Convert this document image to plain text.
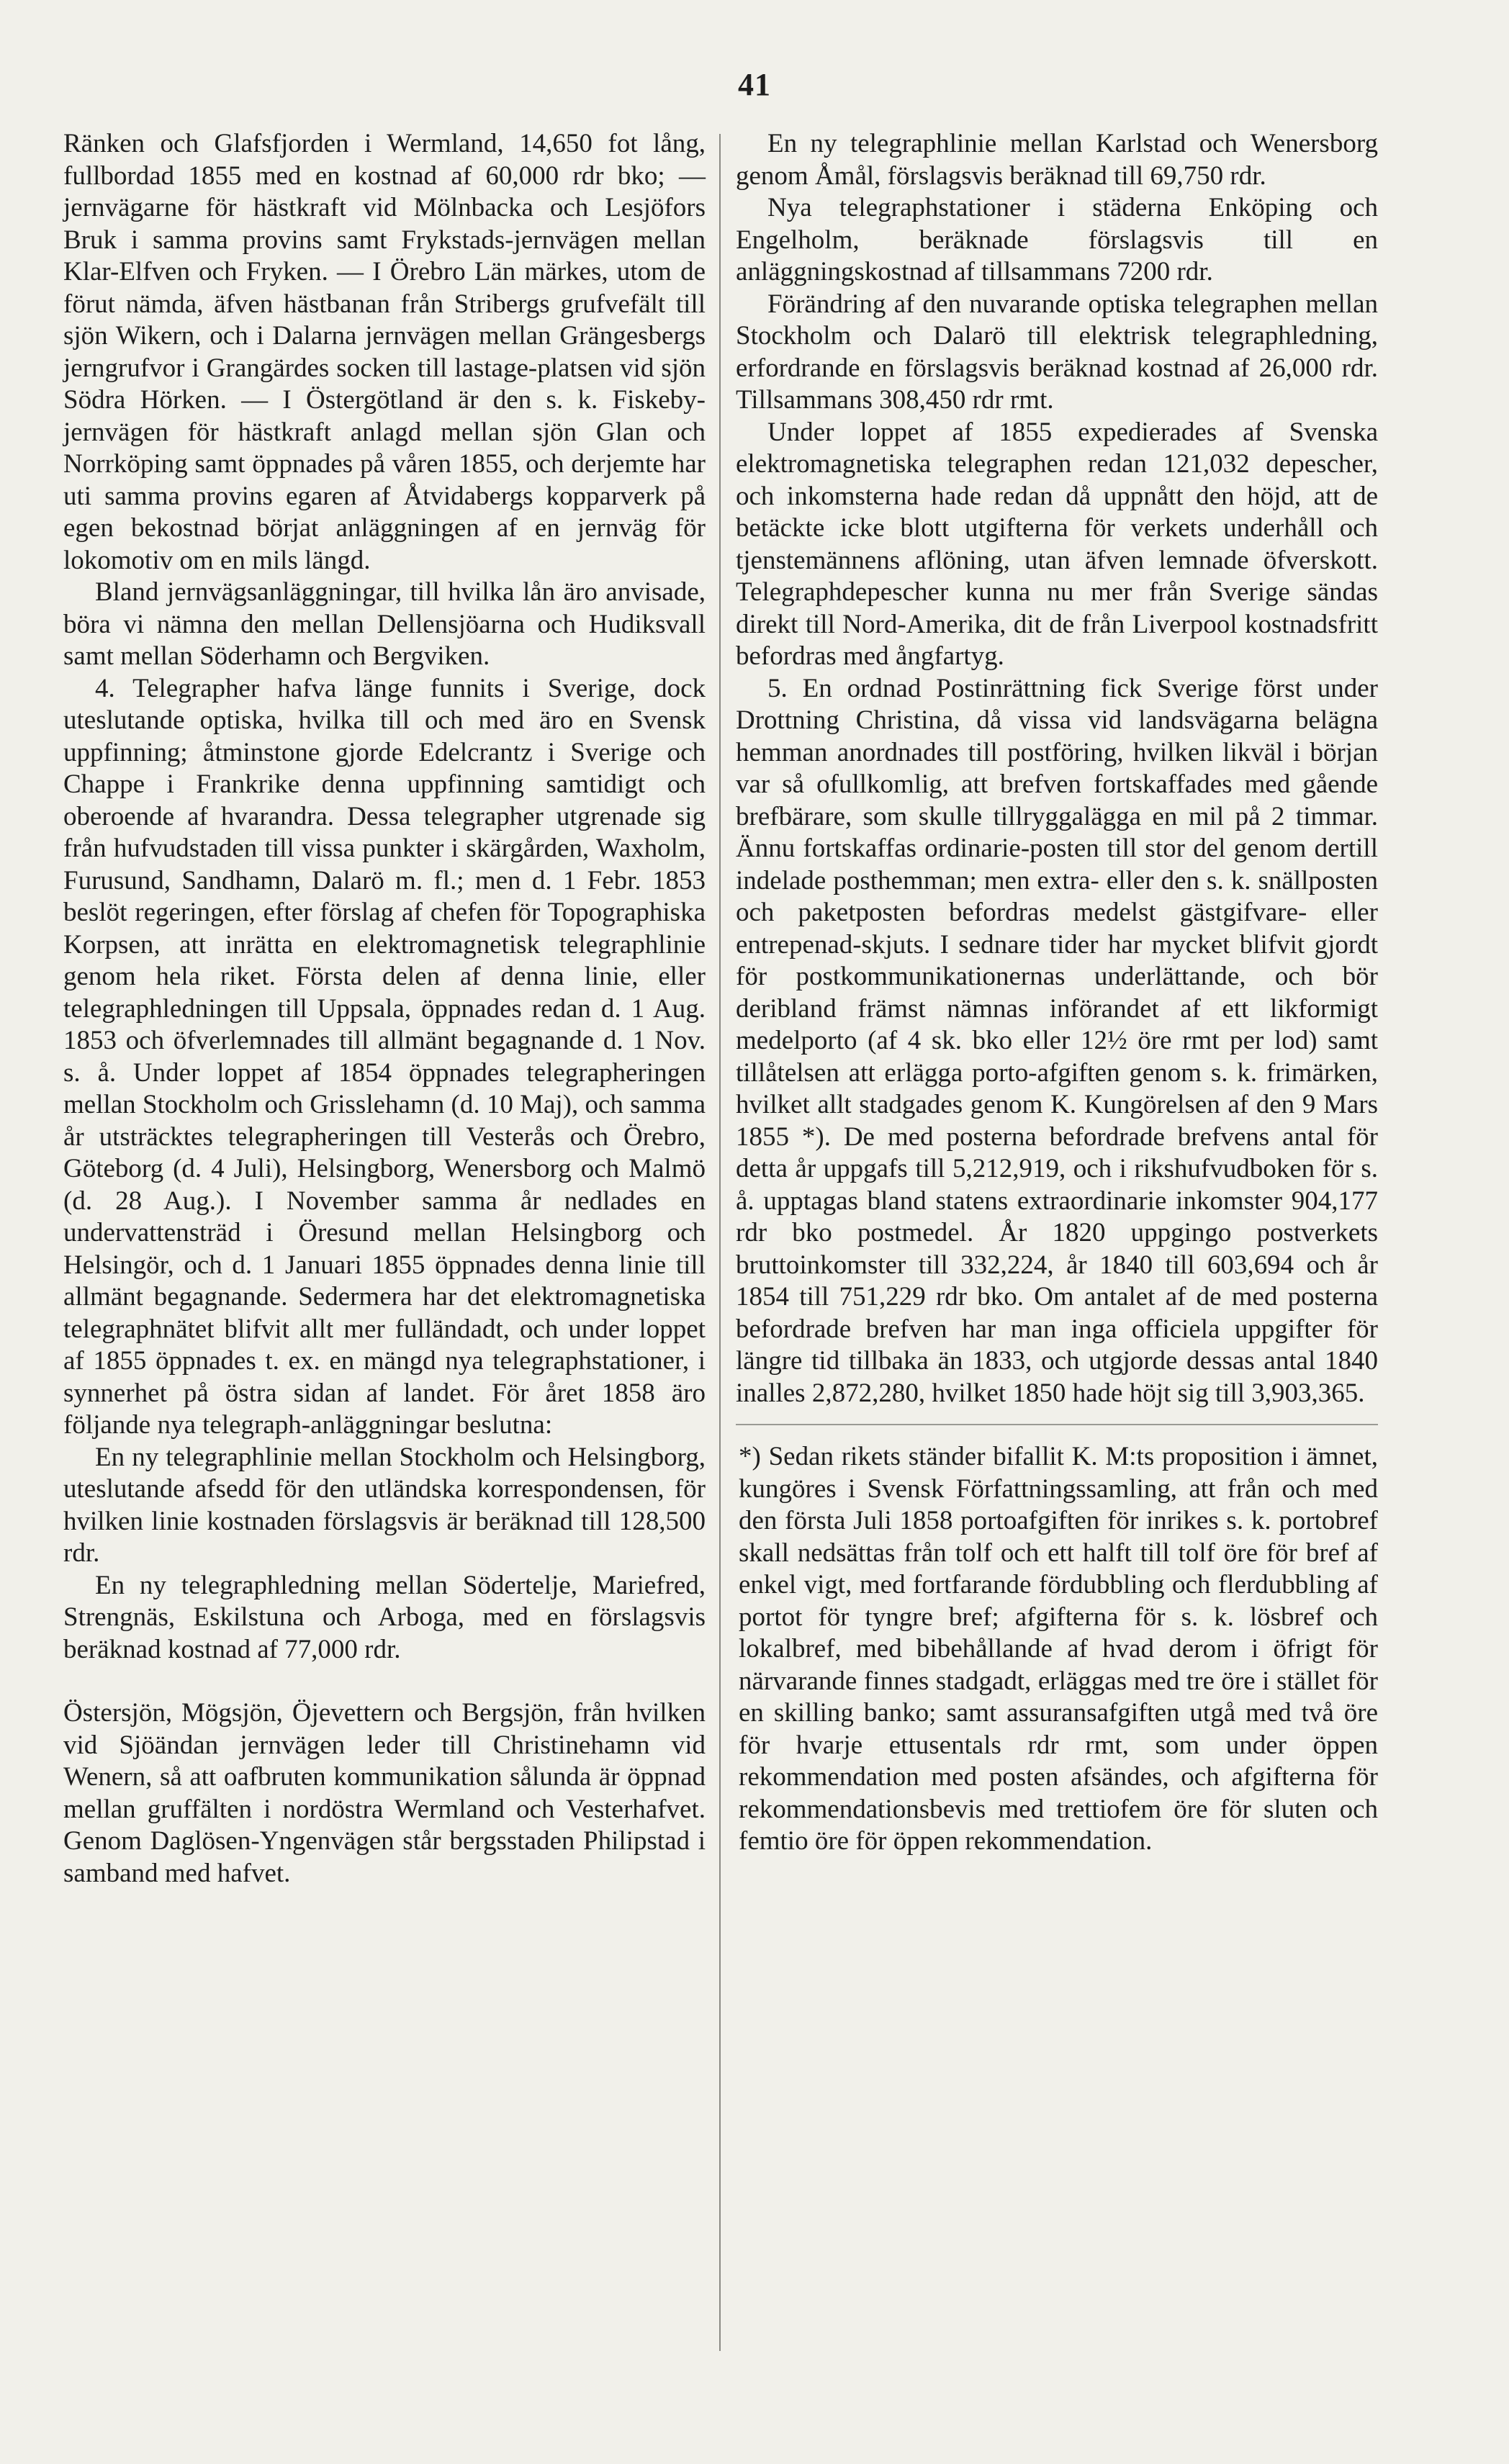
41

Ränken och Glafsfjorden i Wermland, 14,650 fot lång, fullbordad 1855 med en kostnad af 60,000 rdr bko; — jernvägarne för hästkraft vid Mölnbacka och Lesjöfors Bruk i samma provins samt Frykstads-jernvägen mellan Klar-Elfven och Fryken. — I Örebro Län märkes, utom de förut nämda, äfven hästbanan från Stribergs grufvefält till sjön Wikern, och i Dalarna jernvägen mellan Grängesbergs jerngrufvor i Grangärdes socken till lastage-platsen vid sjön Södra Hörken. — I Östergötland är den s. k. Fiskeby-jernvägen för hästkraft anlagd mellan sjön Glan och Norrköping samt öppnades på våren 1855, och derjemte har uti samma provins egaren af Åtvidabergs kopparverk på egen bekostnad börjat anläggningen af en jernväg för lokomotiv om en mils längd.

Bland jernvägsanläggningar, till hvilka lån äro anvisade, böra vi nämna den mellan Dellensjöarna och Hudiksvall samt mellan Söderhamn och Bergviken.

4. Telegrapher hafva länge funnits i Sverige, dock uteslutande optiska, hvilka till och med äro en Svensk uppfinning; åtminstone gjorde Edelcrantz i Sverige och Chappe i Frankrike denna uppfinning samtidigt och oberoende af hvarandra. Dessa telegrapher utgrenade sig från hufvudstaden till vissa punkter i skärgården, Waxholm, Furusund, Sandhamn, Dalarö m. fl.; men d. 1 Febr. 1853 beslöt regeringen, efter förslag af chefen för Topographiska Korpsen, att inrätta en elektromagnetisk telegraphlinie genom hela riket. Första delen af denna linie, eller telegraphledningen till Uppsala, öppnades redan d. 1 Aug. 1853 och öfverlemnades till allmänt begagnande d. 1 Nov. s. å. Under loppet af 1854 öppnades telegrapheringen mellan Stockholm och Grisslehamn (d. 10 Maj), och samma år utsträcktes telegrapheringen till Vesterås och Örebro, Göteborg (d. 4 Juli), Helsingborg, Wenersborg och Malmö (d. 28 Aug.). I November samma år nedlades en undervattensträd i Öresund mellan Helsingborg och Helsingör, och d. 1 Januari 1855 öppnades denna linie till allmänt begagnande. Sedermera har det elektromagnetiska telegraphnätet blifvit allt mer fulländadt, och under loppet af 1855 öppnades t. ex. en mängd nya telegraphstationer, i synnerhet på östra sidan af landet. För året 1858 äro följande nya telegraph-anläggningar beslutna:

En ny telegraphlinie mellan Stockholm och Helsingborg, uteslutande afsedd för den utländska korrespondensen, för hvilken linie kostnaden förslagsvis är beräknad till 128,500 rdr.

En ny telegraphledning mellan Södertelje, Mariefred, Strengnäs, Eskilstuna och Arboga, med en förslagsvis beräknad kostnad af 77,000 rdr.

Östersjön, Mögsjön, Öjevettern och Bergsjön, från hvilken vid Sjöändan jernvägen leder till Christinehamn vid Wenern, så att oafbruten kommunikation sålunda är öppnad mellan gruffälten i nordöstra Wermland och Vesterhafvet. Genom Daglösen-Yngenvägen står bergsstaden Philipstad i samband med hafvet.

En ny telegraphlinie mellan Karlstad och Wenersborg genom Åmål, förslagsvis beräknad till 69,750 rdr.

Nya telegraphstationer i städerna Enköping och Engelholm, beräknade förslagsvis till en anläggningskostnad af tillsammans 7200 rdr.

Förändring af den nuvarande optiska telegraphen mellan Stockholm och Dalarö till elektrisk telegraphledning, erfordrande en förslagsvis beräknad kostnad af 26,000 rdr. Tillsammans 308,450 rdr rmt.

Under loppet af 1855 expedierades af Svenska elektromagnetiska telegraphen redan 121,032 depescher, och inkomsterna hade redan då uppnått den höjd, att de betäckte icke blott utgifterna för verkets underhåll och tjenstemännens aflöning, utan äfven lemnade öfverskott. Telegraphdepescher kunna nu mer från Sverige sändas direkt till Nord-Amerika, dit de från Liverpool kostnadsfritt befordras med ångfartyg.

5. En ordnad Postinrättning fick Sverige först under Drottning Christina, då vissa vid landsvägarna belägna hemman anordnades till postföring, hvilken likväl i början var så ofullkomlig, att brefven fortskaffades med gående brefbärare, som skulle tillryggalägga en mil på 2 timmar. Ännu fortskaffas ordinarie-posten till stor del genom dertill indelade posthemman; men extra- eller den s. k. snällposten och paketposten befordras medelst gästgifvare- eller entrepenad-skjuts. I sednare tider har mycket blifvit gjordt för postkommunikationernas underlättande, och bör deribland främst nämnas införandet af ett likformigt medelporto (af 4 sk. bko eller 12½ öre rmt per lod) samt tillåtelsen att erlägga porto-afgiften genom s. k. frimärken, hvilket allt stadgades genom K. Kungörelsen af den 9 Mars 1855 *). De med posterna befordrade brefvens antal för detta år uppgafs till 5,212,919, och i rikshufvudboken för s. å. upptagas bland statens extraordinarie inkomster 904,177 rdr bko postmedel. År 1820 uppgingo postverkets bruttoinkomster till 332,224, år 1840 till 603,694 och år 1854 till 751,229 rdr bko. Om antalet af de med posterna befordrade brefven har man inga officiela uppgifter för längre tid tillbaka än 1833, och utgjorde dessas antal 1840 inalles 2,872,280, hvilket 1850 hade höjt sig till 3,903,365.

*) Sedan rikets ständer bifallit K. M:ts proposition i ämnet, kungöres i Svensk Författningssamling, att från och med den första Juli 1858 portoafgiften för inrikes s. k. portobref skall nedsättas från tolf och ett halft till tolf öre för bref af enkel vigt, med fortfarande fördubbling och flerdubbling af portot för tyngre bref; afgifterna för s. k. lösbref och lokalbref, med bibehållande af hvad derom i öfrigt för närvarande finnes stadgadt, erläggas med tre öre i stället för en skilling banko; samt assuransafgiften utgå med två öre för hvarje ettusentals rdr rmt, som under öppen rekommendation med posten afsändes, och afgifterna för rekommendationsbevis med trettiofem öre för sluten och femtio öre för öppen rekommendation.
